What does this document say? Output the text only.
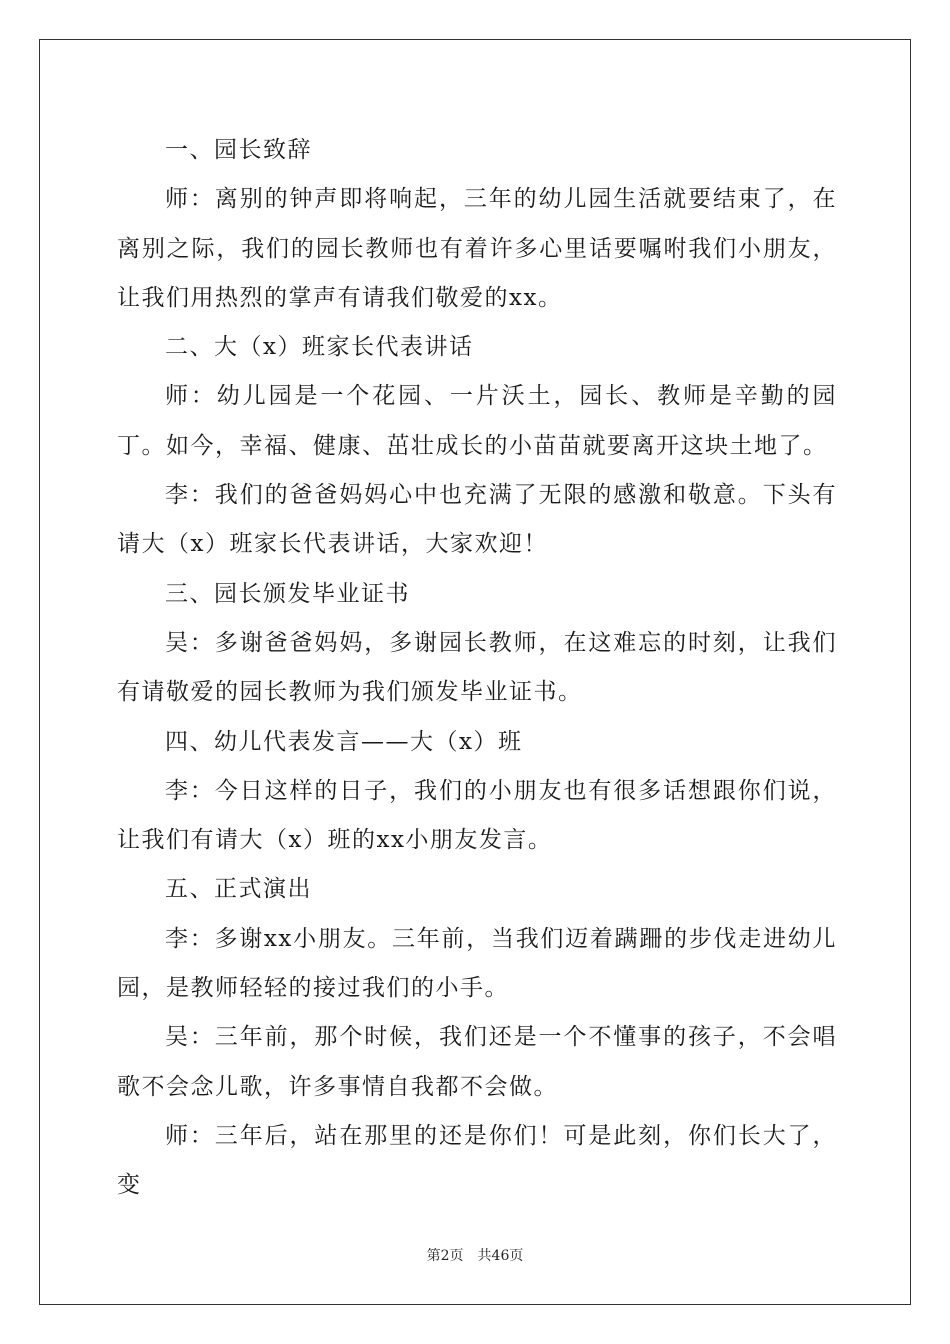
一、园长致辞

师：离别的钟声即将响起，三年的幼儿园生活就要结束了，在离别之际，我们的园长教师也有着许多心里话要嘱咐我们小朋友，让我们用热烈的掌声有请我们敬爱的xx。

二、大（x）班家长代表讲话

师：幼儿园是一个花园、一片沃土，园长、教师是辛勤的园丁。如今，幸福、健康、茁壮成长的小苗苗就要离开这块土地了。

李：我们的爸爸妈妈心中也充满了无限的感激和敬意。下头有请大（x）班家长代表讲话，大家欢迎！

三、园长颁发毕业证书

吴：多谢爸爸妈妈，多谢园长教师，在这难忘的时刻，让我们有请敬爱的园长教师为我们颁发毕业证书。

四、幼儿代表发言——大（x）班

李：今日这样的日子，我们的小朋友也有很多话想跟你们说，让我们有请大（x）班的xx小朋友发言。

五、正式演出

李：多谢xx小朋友。三年前，当我们迈着蹒跚的步伐走进幼儿园，是教师轻轻的接过我们的小手。

吴：三年前，那个时候，我们还是一个不懂事的孩子，不会唱歌不会念儿歌，许多事情自我都不会做。

师：三年后，站在那里的还是你们！可是此刻，你们长大了，变

第2页 共46页
